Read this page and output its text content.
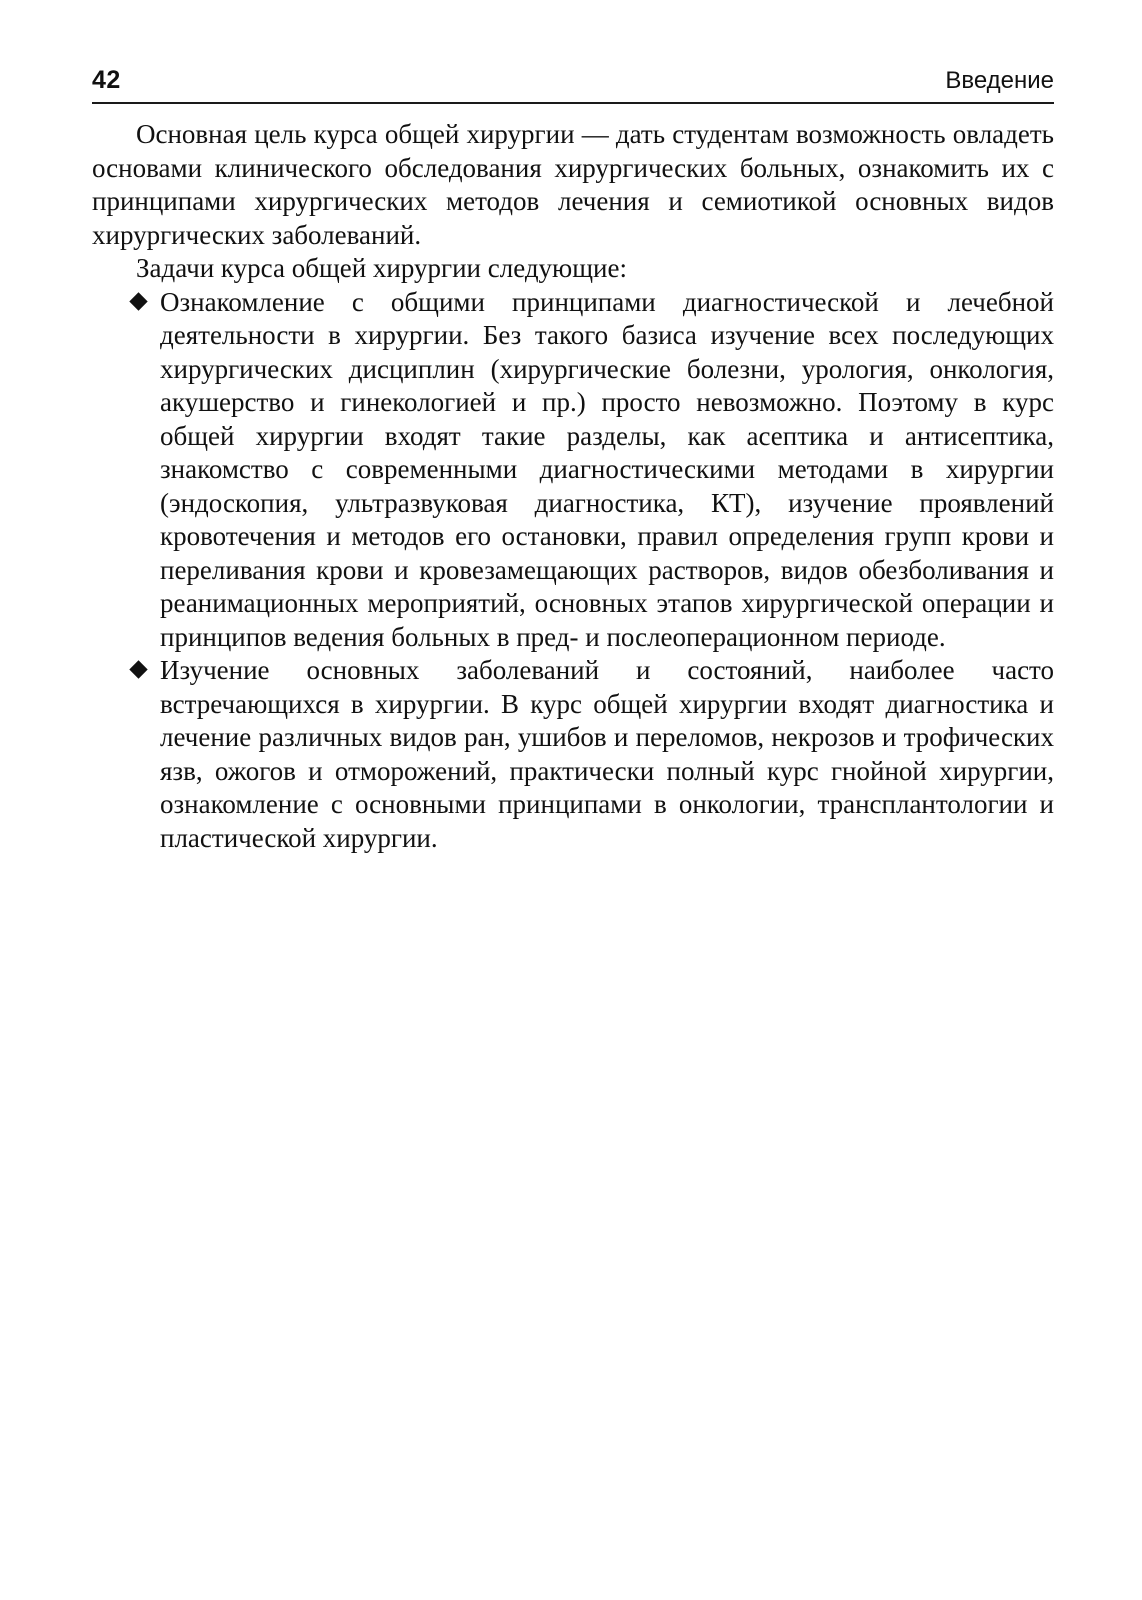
42	Введение

Основная цель курса общей хирургии — дать студентам возможность овладеть основами клинического обследования хирургических больных, ознакомить их с принципами хирургических методов лечения и семиотикой основных видов хирургических заболеваний.

Задачи курса общей хирургии следующие:

Ознакомление с общими принципами диагностической и лечебной деятельности в хирургии. Без такого базиса изучение всех последующих хирургических дисциплин (хирургические болезни, урология, онкология, акушерство и гинекологией и пр.) просто невозможно. Поэтому в курс общей хирургии входят такие разделы, как асептика и антисептика, знакомство с современными диагностическими методами в хирургии (эндоскопия, ультразвуковая диагностика, КТ), изучение проявлений кровотечения и методов его остановки, правил определения групп крови и переливания крови и кровезамещающих растворов, видов обезболивания и реанимационных мероприятий, основных этапов хирургической операции и принципов ведения больных в пред- и послеоперационном периоде.
Изучение основных заболеваний и состояний, наиболее часто встречающихся в хирургии. В курс общей хирургии входят диагностика и лечение различных видов ран, ушибов и переломов, некрозов и трофических язв, ожогов и отморожений, практически полный курс гнойной хирургии, ознакомление с основными принципами в онкологии, трансплантологии и пластической хирургии.
